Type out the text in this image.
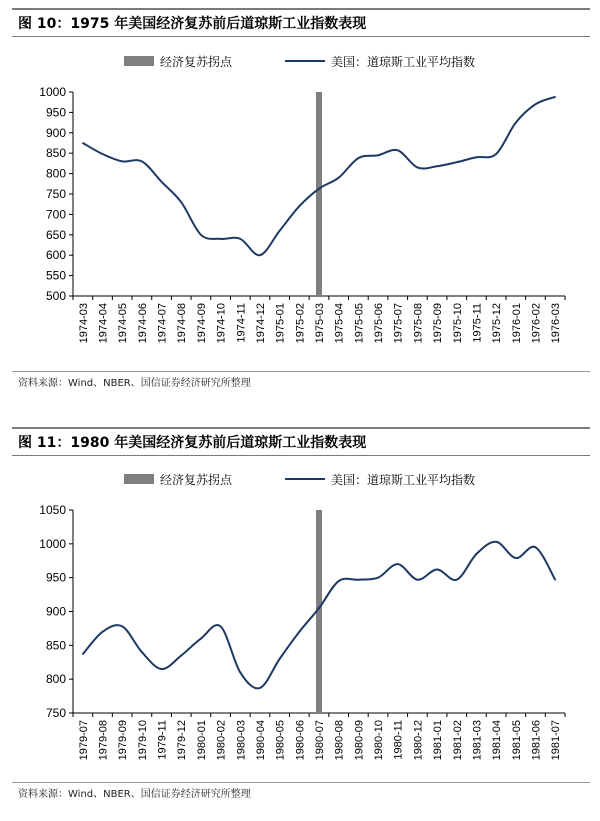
图 10：1975 年美国经济复苏前后道琼斯工业指数表现
经济复苏拐点	美国：道琼斯工业平均指数
500
550
600
650
700
750
800
850
900
950
1000
1974-03 1974-04 1974-05 1974-06 1974-07 1974-08 1974-09 1974-10 1974-11 1974-12 1975-01 1975-02 1975-03 1975-04 1975-05 1975-06 1975-07 1975-08 1975-09 1975-10 1975-11 1975-12 1976-01 1976-02 1976-03
资料来源：Wind、NBER、国信证券经济研究所整理
图 11：1980 年美国经济复苏前后道琼斯工业指数表现
经济复苏拐点	美国：道琼斯工业平均指数
750
800
850
900
950
1000
1050
1979-07 1979-08 1979-09 1979-10 1979-11 1979-12 1980-01 1980-02 1980-03 1980-04 1980-05 1980-06 1980-07 1980-08 1980-09 1980-10 1980-11 1980-12 1981-01 1981-02 1981-03 1981-04 1981-05 1981-06 1981-07
资料来源：Wind、NBER、国信证券经济研究所整理
